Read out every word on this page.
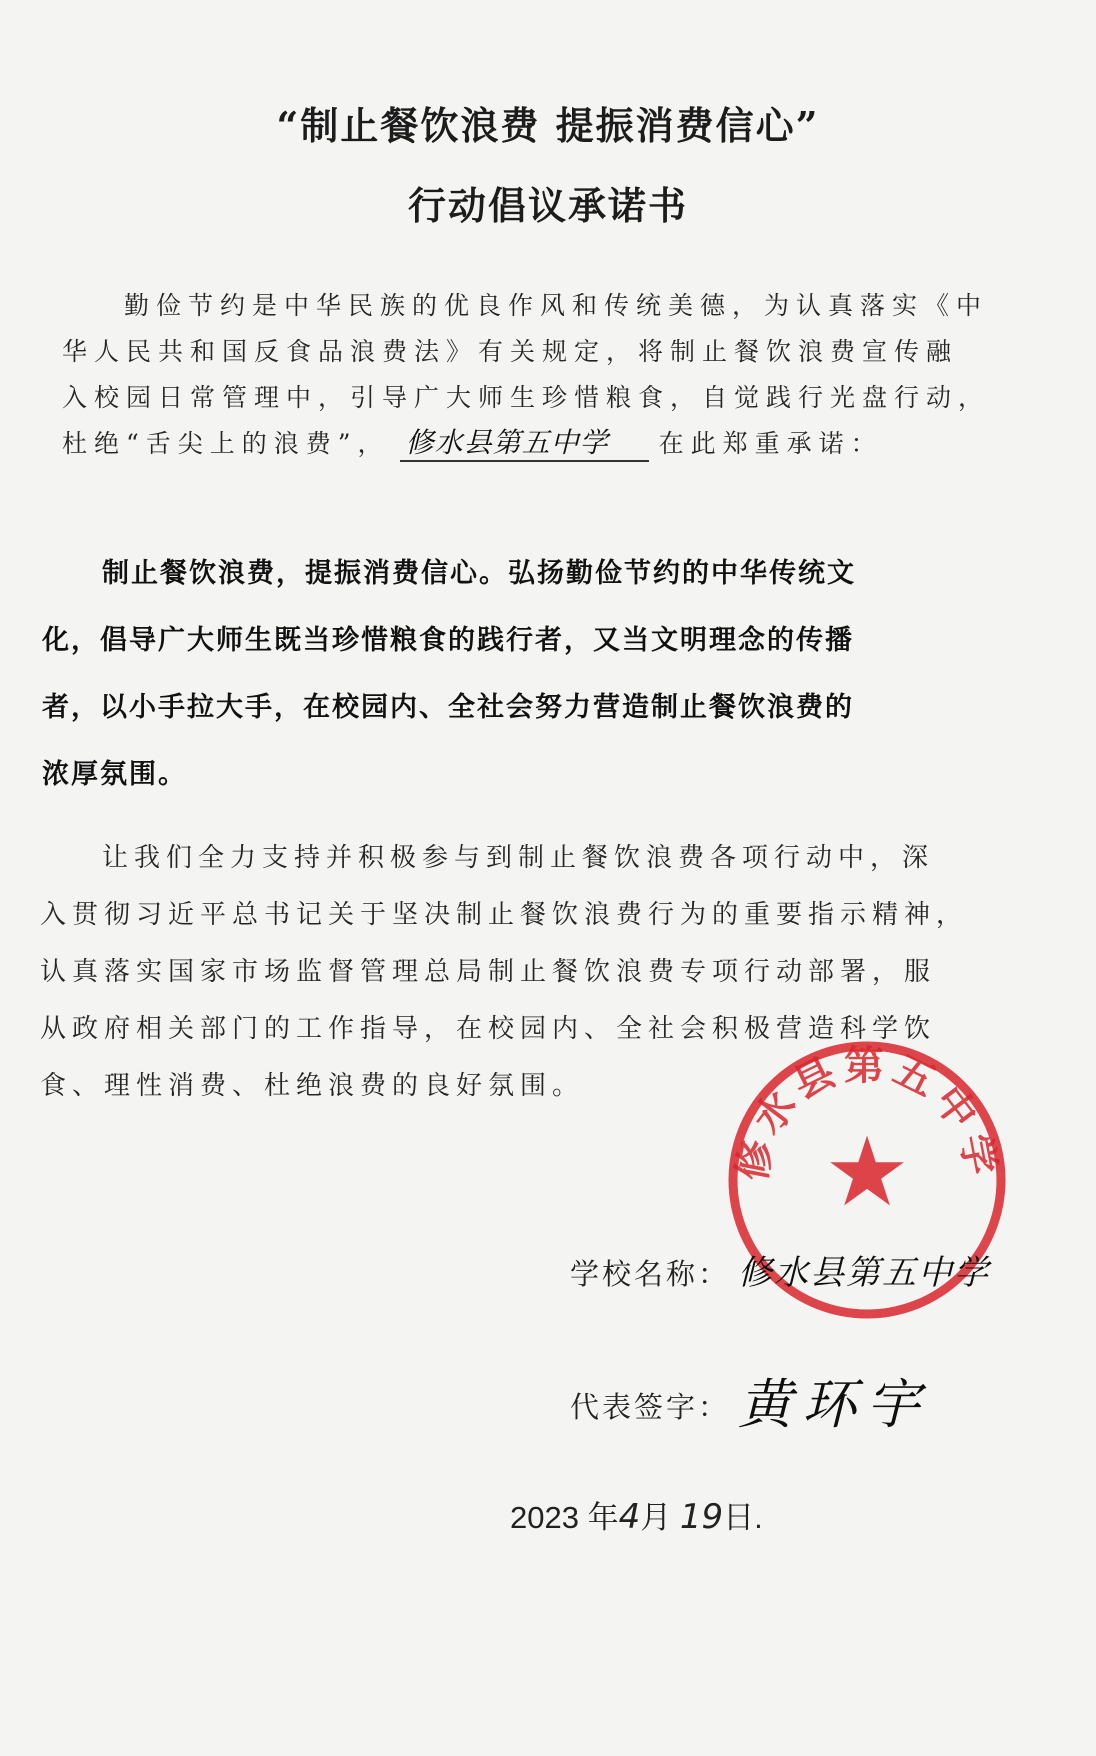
“制止餐饮浪费 提振消费信心”
行动倡议承诺书
勤俭节约是中华民族的优良作风和传统美德，为认真落实《中
华人民共和国反食品浪费法》有关规定，将制止餐饮浪费宣传融
入校园日常管理中，引导广大师生珍惜粮食，自觉践行光盘行动，
杜绝“舌尖上的浪费”， 修水县第五中学 在此郑重承诺：
制止餐饮浪费，提振消费信心。弘扬勤俭节约的中华传统文
化，倡导广大师生既当珍惜粮食的践行者，又当文明理念的传播
者，以小手拉大手，在校园内、全社会努力营造制止餐饮浪费的
浓厚氛围。
让我们全力支持并积极参与到制止餐饮浪费各项行动中，深
入贯彻习近平总书记关于坚决制止餐饮浪费行为的重要指示精神，
认真落实国家市场监督管理总局制止餐饮浪费专项行动部署，服
从政府相关部门的工作指导，在校园内、全社会积极营造科学饮
食、理性消费、杜绝浪费的良好氛围。
修水县第五中学
★
学校名称： 修水县第五中学
代表签字： 黄环宇
2023 年4月 19日.
